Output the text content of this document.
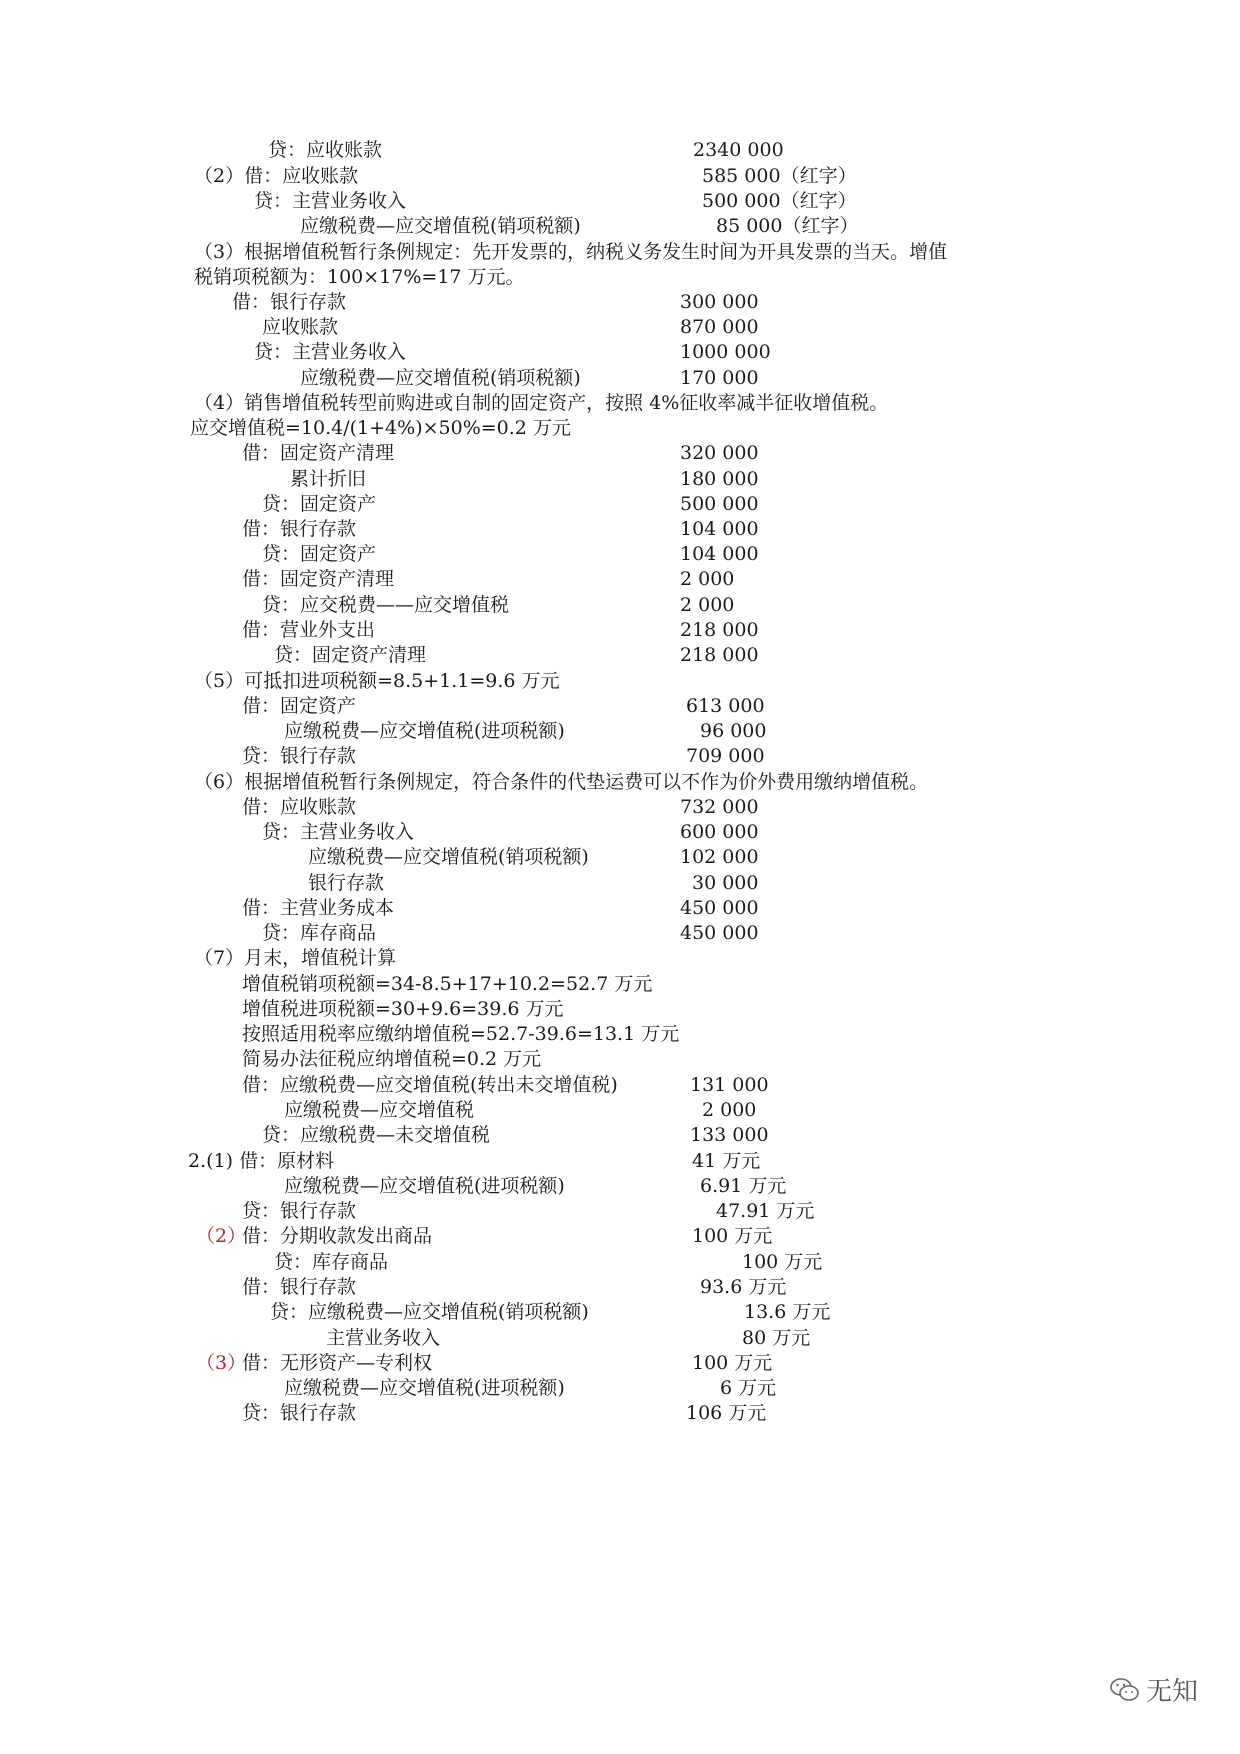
无知
贷：应收账款	2340 000
（2）借：应收账款	585 000（红字）
贷：主营业务收入	500 000（红字）
应缴税费—应交增值税(销项税额)	85 000（红字）
（3）根据增值税暂行条例规定：先开发票的，纳税义务发生时间为开具发票的当天。增值
税销项税额为：100×17%=17 万元。
借：银行存款	300 000
应收账款	870 000
贷：主营业务收入	1000 000
应缴税费—应交增值税(销项税额)	170 000
（4）销售增值税转型前购进或自制的固定资产，按照 4%征收率减半征收增值税。
应交增值税=10.4/(1+4%)×50%=0.2 万元
借：固定资产清理	320 000
累计折旧	180 000
贷：固定资产	500 000
借：银行存款	104 000
贷：固定资产	104 000
借：固定资产清理	2 000
贷：应交税费——应交增值税	2 000
借：营业外支出	218 000
贷：固定资产清理	218 000
（5）可抵扣进项税额=8.5+1.1=9.6 万元
借：固定资产	613 000
应缴税费—应交增值税(进项税额)	96 000
贷：银行存款	709 000
（6）根据增值税暂行条例规定，符合条件的代垫运费可以不作为价外费用缴纳增值税。
借：应收账款	732 000
贷：主营业务收入	600 000
应缴税费—应交增值税(销项税额)	102 000
银行存款	30 000
借：主营业务成本	450 000
贷：库存商品	450 000
（7）月末，增值税计算
增值税销项税额=34-8.5+17+10.2=52.7 万元
增值税进项税额=30+9.6=39.6 万元
按照适用税率应缴纳增值税=52.7-39.6=13.1 万元
简易办法征税应纳增值税=0.2 万元
借：应缴税费—应交增值税(转出未交增值税)	131 000
应缴税费—应交增值税	2 000
贷：应缴税费—未交增值税	133 000
2.(1) 借：原材料	41 万元
应缴税费—应交增值税(进项税额)	6.91 万元
贷：银行存款	47.91 万元
（2）
借：分期收款发出商品	100 万元
贷：库存商品	100 万元
借：银行存款	93.6 万元
贷：应缴税费—应交增值税(销项税额)	13.6 万元
主营业务收入	80 万元
（3）
借：无形资产—专利权	100 万元
应缴税费—应交增值税(进项税额)	6 万元
贷：银行存款	106 万元
